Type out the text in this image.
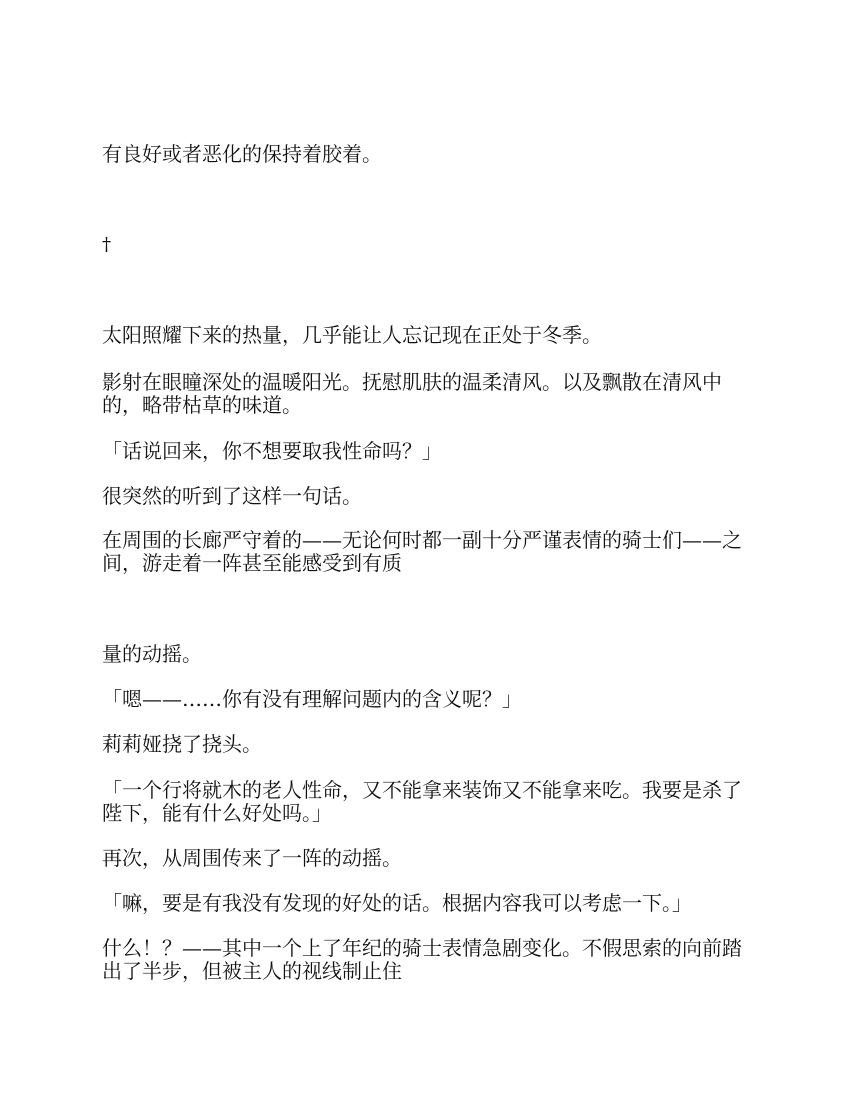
有良好或者恶化的保持着胶着。

†

太阳照耀下来的热量，几乎能让人忘记现在正处于冬季。

影射在眼瞳深处的温暖阳光。抚慰肌肤的温柔清风。以及飘散在清风中的，略带枯草的味道。

「话说回来，你不想要取我性命吗？」

很突然的听到了这样一句话。

在周围的长廊严守着的——无论何时都一副十分严谨表情的骑士们——之间，游走着一阵甚至能感受到有质

量的动摇。

「嗯——……你有没有理解问题内的含义呢？」

莉莉娅挠了挠头。

「一个行将就木的老人性命，又不能拿来装饰又不能拿来吃。我要是杀了陛下，能有什么好处吗。」

再次，从周围传来了一阵的动摇。

「嘛，要是有我没有发现的好处的话。根据内容我可以考虑一下。」

什么！？——其中一个上了年纪的骑士表情急剧变化。不假思索的向前踏出了半步，但被主人的视线制止住
